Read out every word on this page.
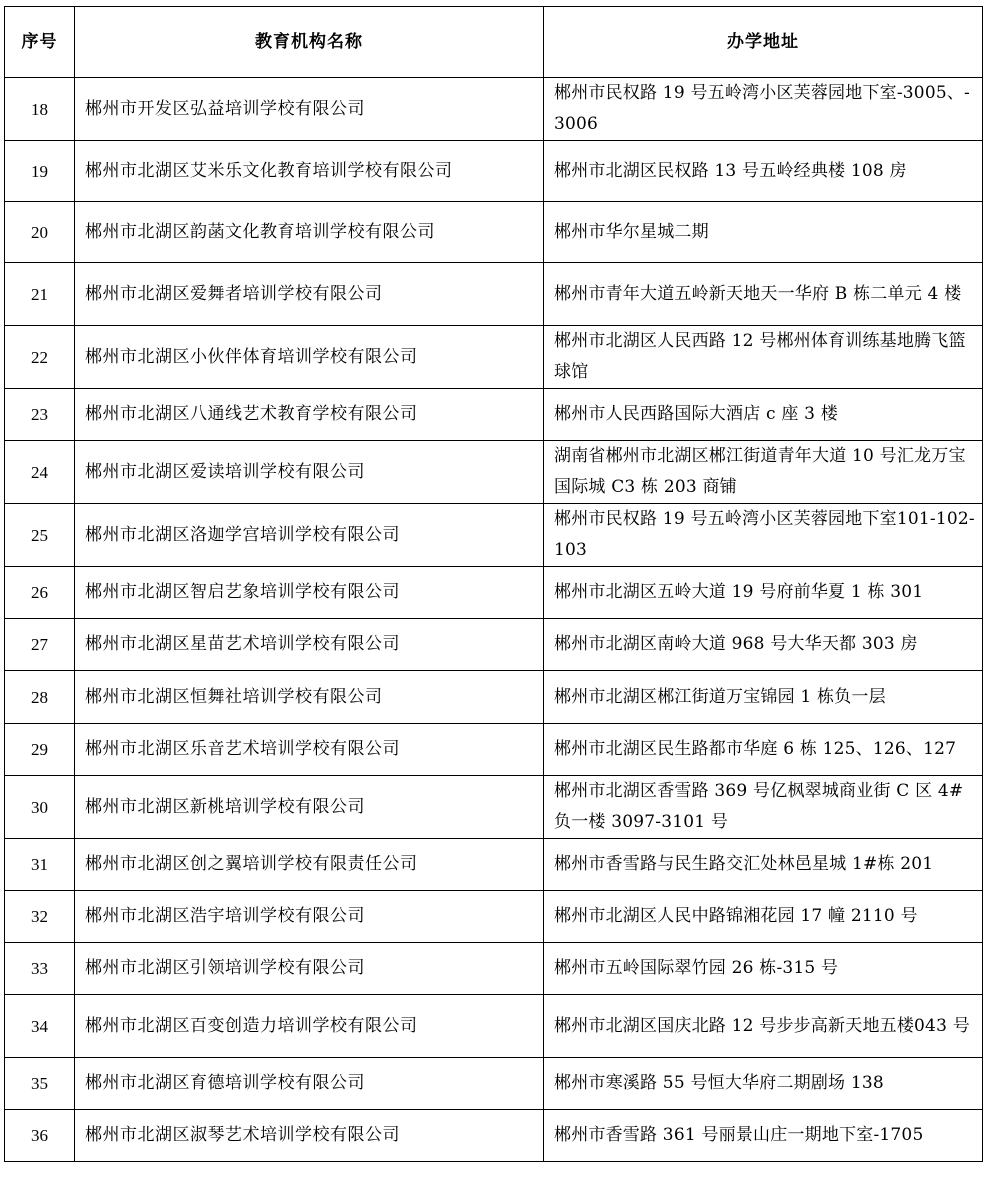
序号	教育机构名称	办学地址
18	郴州市开发区弘益培训学校有限公司	郴州市民权路 19 号五岭湾小区芙蓉园地下室-3005、-3006
19	郴州市北湖区艾米乐文化教育培训学校有限公司	郴州市北湖区民权路 13 号五岭经典楼 108 房
20	郴州市北湖区韵菡文化教育培训学校有限公司	郴州市华尔星城二期
21	郴州市北湖区爱舞者培训学校有限公司	郴州市青年大道五岭新天地天一华府 B 栋二单元 4 楼
22	郴州市北湖区小伙伴体育培训学校有限公司	郴州市北湖区人民西路 12 号郴州体育训练基地腾飞篮球馆
23	郴州市北湖区八通线艺术教育学校有限公司	郴州市人民西路国际大酒店 c 座 3 楼
24	郴州市北湖区爱读培训学校有限公司	湖南省郴州市北湖区郴江街道青年大道 10 号汇龙万宝国际城 C3 栋 203 商铺
25	郴州市北湖区洛迦学宫培训学校有限公司	郴州市民权路 19 号五岭湾小区芙蓉园地下室101-102-103
26	郴州市北湖区智启艺象培训学校有限公司	郴州市北湖区五岭大道 19 号府前华夏 1 栋 301
27	郴州市北湖区星苗艺术培训学校有限公司	郴州市北湖区南岭大道 968 号大华天都 303 房
28	郴州市北湖区恒舞社培训学校有限公司	郴州市北湖区郴江街道万宝锦园 1 栋负一层
29	郴州市北湖区乐音艺术培训学校有限公司	郴州市北湖区民生路都市华庭 6 栋 125、126、127
30	郴州市北湖区新桃培训学校有限公司	郴州市北湖区香雪路 369 号亿枫翠城商业街 C 区 4#负一楼 3097-3101 号
31	郴州市北湖区创之翼培训学校有限责任公司	郴州市香雪路与民生路交汇处林邑星城 1#栋 201
32	郴州市北湖区浩宇培训学校有限公司	郴州市北湖区人民中路锦湘花园 17 幢 2110 号
33	郴州市北湖区引领培训学校有限公司	郴州市五岭国际翠竹园 26 栋-315 号
34	郴州市北湖区百变创造力培训学校有限公司	郴州市北湖区国庆北路 12 号步步高新天地五楼043 号
35	郴州市北湖区育德培训学校有限公司	郴州市寒溪路 55 号恒大华府二期剧场 138
36	郴州市北湖区淑琴艺术培训学校有限公司	郴州市香雪路 361 号丽景山庄一期地下室-1705
